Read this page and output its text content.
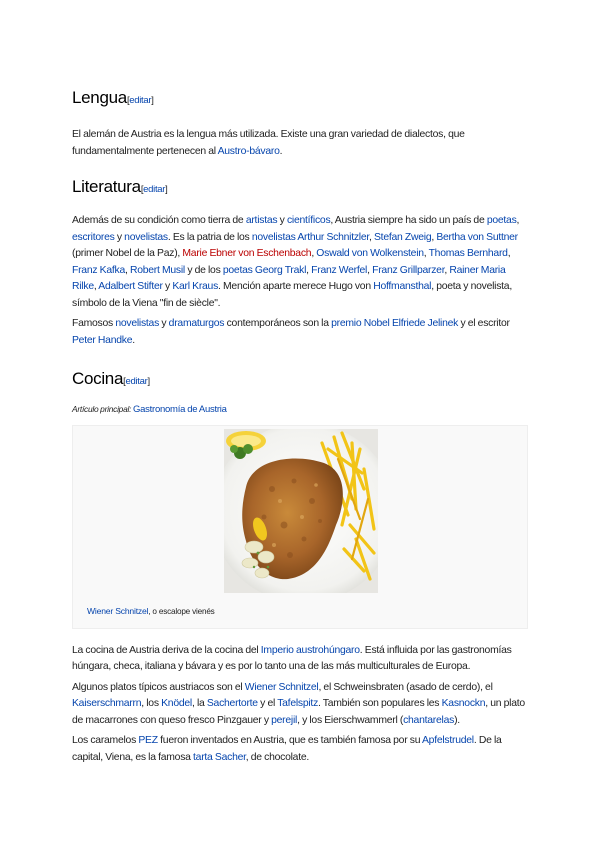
Lengua[editar]

El alemán de Austria es la lengua más utilizada. Existe una gran variedad de dialectos, que fundamentalmente pertenecen al Austro-bávaro.

Literatura[editar]

Además de su condición como tierra de artistas y científicos, Austria siempre ha sido un país de poetas, escritores y novelistas. Es la patria de los novelistas Arthur Schnitzler, Stefan Zweig, Bertha von Suttner (primer Nobel de la Paz), Marie Ebner von Eschenbach, Oswald von Wolkenstein, Thomas Bernhard, Franz Kafka, Robert Musil y de los poetas Georg Trakl, Franz Werfel, Franz Grillparzer, Rainer Maria Rilke, Adalbert Stifter y Karl Kraus. Mención aparte merece Hugo von Hoffmansthal, poeta y novelista, símbolo de la Viena "fin de siècle".

Famosos novelistas y dramaturgos contemporáneos son la premio Nobel Elfriede Jelinek y el escritor Peter Handke.

Cocina[editar]

Artículo principal: Gastronomía de Austria

Wiener Schnitzel, o escalope vienés

La cocina de Austria deriva de la cocina del Imperio austrohúngaro. Está influida por las gastronomías húngara, checa, italiana y bávara y es por lo tanto una de las más multiculturales de Europa.

Algunos platos típicos austriacos son el Wiener Schnitzel, el Schweinsbraten (asado de cerdo), el Kaiserschmarrn, los Knödel, la Sachertorte y el Tafelspitz. También son populares les Kasnockn, un plato de macarrones con queso fresco Pinzgauer y perejil, y los Eierschwammerl (chantarelas).

Los caramelos PEZ fueron inventados en Austria, que es también famosa por su Apfelstrudel. De la capital, Viena, es la famosa tarta Sacher, de chocolate.
